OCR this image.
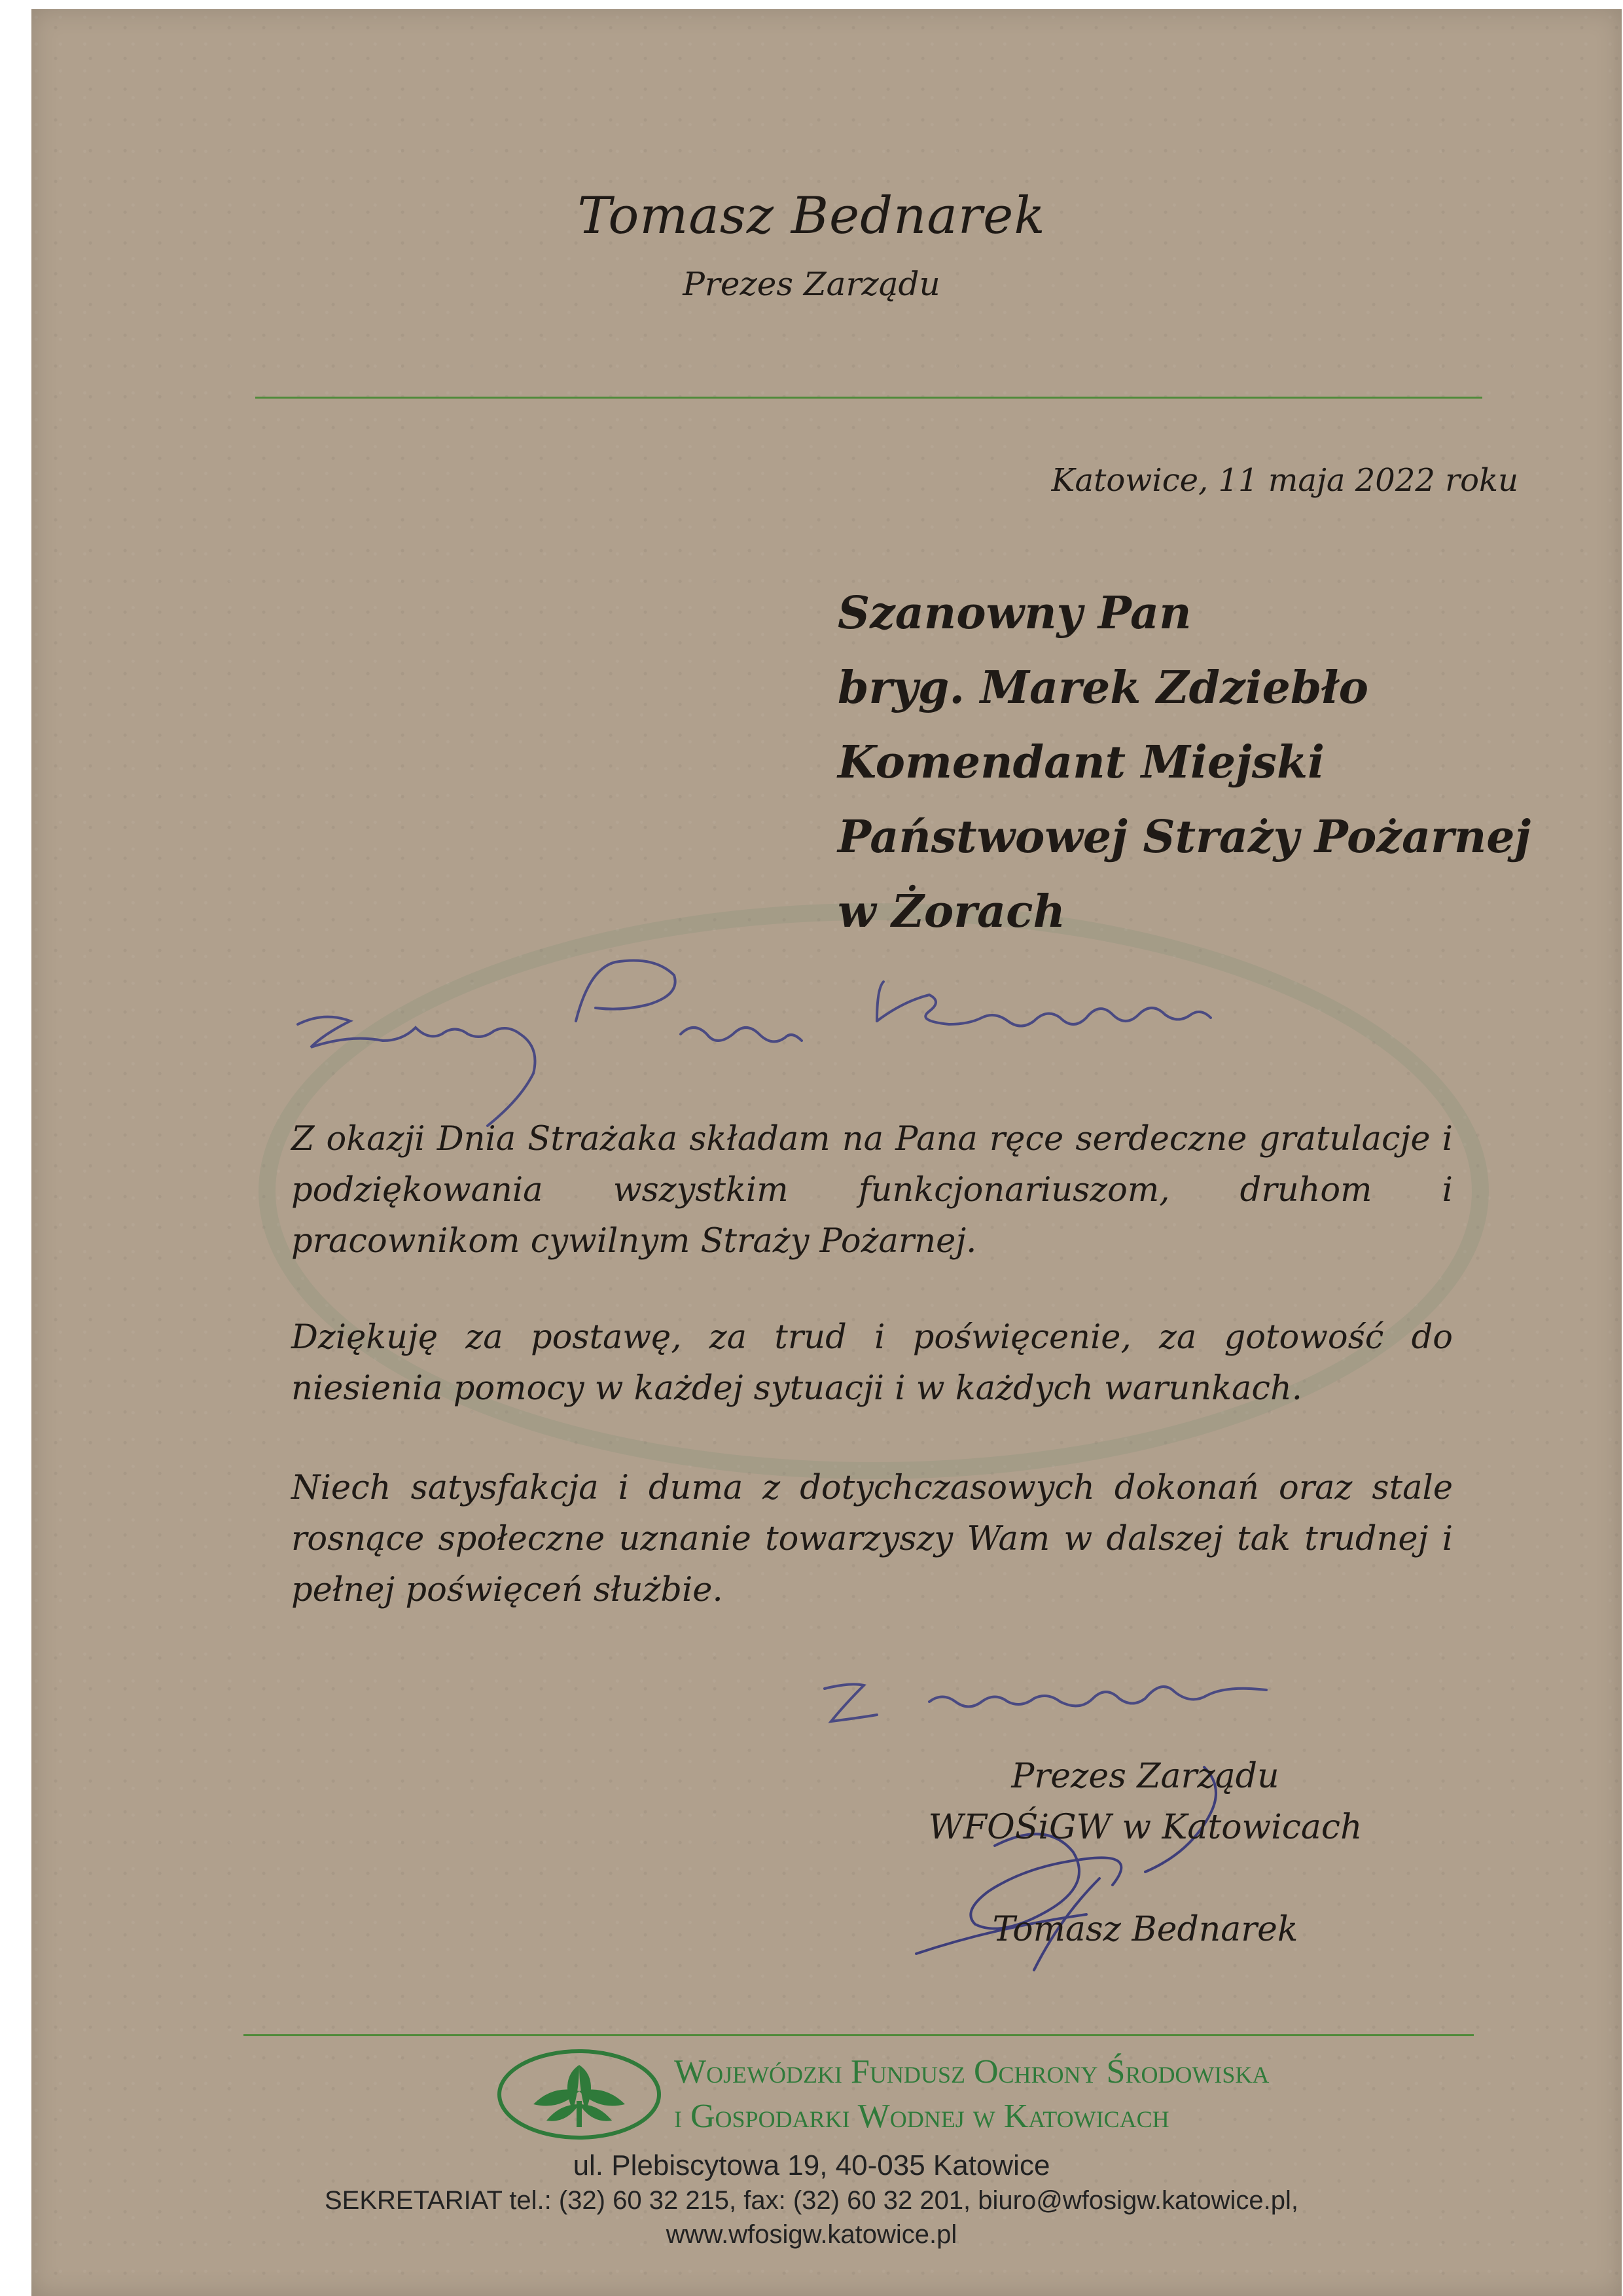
Tomasz Bednarek
Prezes Zarządu
Katowice, 11 maja 2022 roku
Szanowny Pan
bryg. Marek Zdziebło
Komendant Miejski
Państwowej Straży Pożarnej
w Żorach
Z okazji Dnia Strażaka składam na Pana ręce serdeczne gratulacje i podziękowania wszystkim funkcjonariuszom, druhom i pracownikom cywilnym Straży Pożarnej.
Dziękuję za postawę, za trud i poświęcenie, za gotowość do niesienia pomocy w każdej sytuacji i w każdych warunkach.
Niech satysfakcja i duma z dotychczasowych dokonań oraz stale rosnące społeczne uznanie towarzyszy Wam w dalszej tak trudnej i pełnej poświęceń służbie.
Prezes Zarządu
WFOŚiGW w Katowicach
Tomasz Bednarek
Wojewódzki Fundusz Ochrony Środowiska
i Gospodarki Wodnej w Katowicach
ul. Plebiscytowa 19, 40-035 Katowice
SEKRETARIAT tel.: (32) 60 32 215, fax: (32) 60 32 201, biuro@wfosigw.katowice.pl,
www.wfosigw.katowice.pl
